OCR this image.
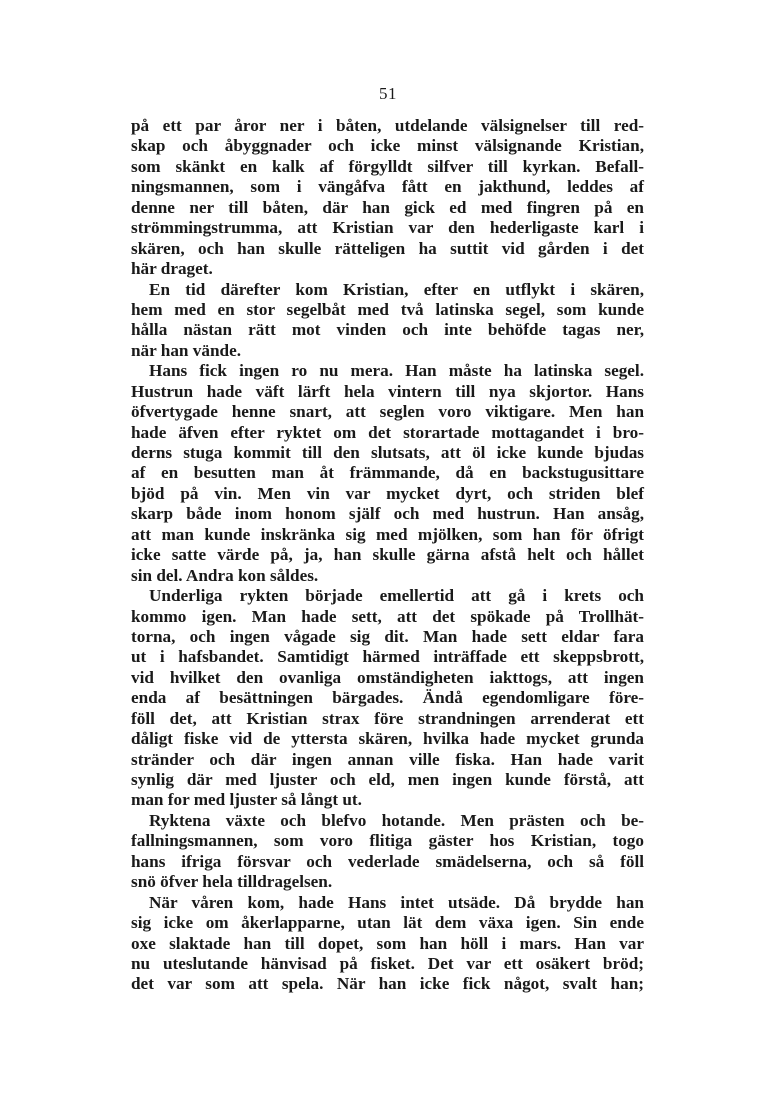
51
på ett par åror ner i båten, utdelande välsignelser till red-
skap och åbyggnader och icke minst välsignande Kristian,
som skänkt en kalk af förgylldt silfver till kyrkan. Befall-
ningsmannen, som i vängåfva fått en jakthund, leddes af
denne ner till båten, där han gick ed med fingren på en
strömmingstrumma, att Kristian var den hederligaste karl i
skären, och han skulle rätteligen ha suttit vid gården i det
här draget.
En tid därefter kom Kristian, efter en utflykt i skären,
hem med en stor segelbåt med två latinska segel, som kunde
hålla nästan rätt mot vinden och inte behöfde tagas ner,
när han vände.
Hans fick ingen ro nu mera. Han måste ha latinska segel.
Hustrun hade väft lärft hela vintern till nya skjortor. Hans
öfvertygade henne snart, att seglen voro viktigare. Men han
hade äfven efter ryktet om det storartade mottagandet i bro-
derns stuga kommit till den slutsats, att öl icke kunde bjudas
af en besutten man åt främmande, då en backstugusittare
bjöd på vin. Men vin var mycket dyrt, och striden blef
skarp både inom honom själf och med hustrun. Han ansåg,
att man kunde inskränka sig med mjölken, som han för öfrigt
icke satte värde på, ja, han skulle gärna afstå helt och hållet
sin del. Andra kon såldes.
Underliga rykten började emellertid att gå i krets och
kommo igen. Man hade sett, att det spökade på Trollhät-
torna, och ingen vågade sig dit. Man hade sett eldar fara
ut i hafsbandet. Samtidigt härmed inträffade ett skeppsbrott,
vid hvilket den ovanliga omständigheten iakttogs, att ingen
enda af besättningen bärgades. Ändå egendomligare före-
föll det, att Kristian strax före strandningen arrenderat ett
dåligt fiske vid de yttersta skären, hvilka hade mycket grunda
stränder och där ingen annan ville fiska. Han hade varit
synlig där med ljuster och eld, men ingen kunde förstå, att
man for med ljuster så långt ut.
Ryktena växte och blefvo hotande. Men prästen och be-
fallningsmannen, som voro flitiga gäster hos Kristian, togo
hans ifriga försvar och vederlade smädelserna, och så föll
snö öfver hela tilldragelsen.
När våren kom, hade Hans intet utsäde. Då brydde han
sig icke om åkerlapparne, utan lät dem växa igen. Sin ende
oxe slaktade han till dopet, som han höll i mars. Han var
nu uteslutande hänvisad på fisket. Det var ett osäkert bröd;
det var som att spela. När han icke fick något, svalt han;
